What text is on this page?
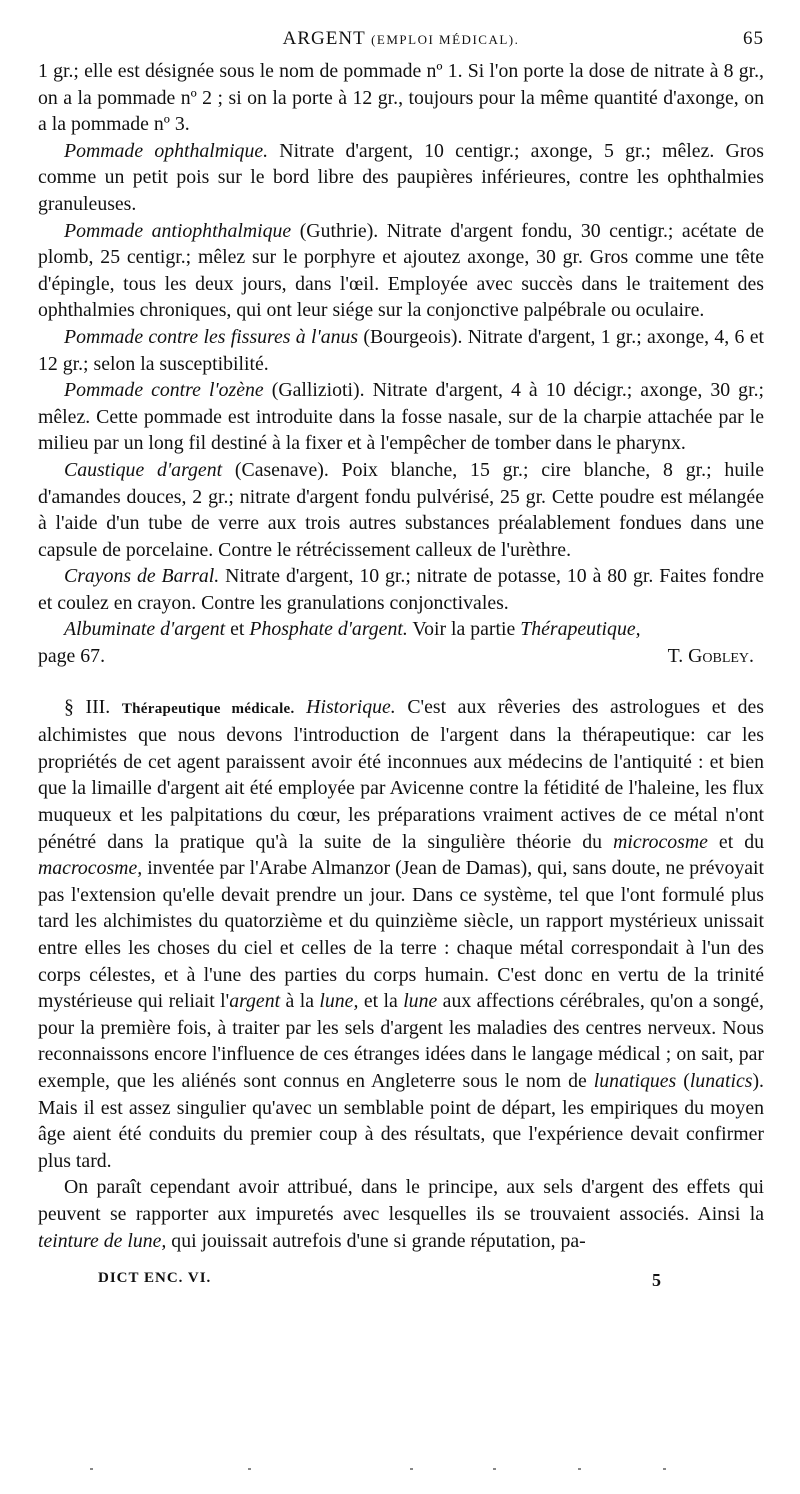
ARGENT (EMPLOI MÉDICAL).	65

1 gr.; elle est désignée sous le nom de pommade nº 1. Si l'on porte la dose de nitrate à 8 gr., on a la pommade nº 2 ; si on la porte à 12 gr., toujours pour la même quantité d'axonge, on a la pommade nº 3.

Pommade ophthalmique. Nitrate d'argent, 10 centigr.; axonge, 5 gr.; mêlez. Gros comme un petit pois sur le bord libre des paupières inférieures, contre les ophthalmies granuleuses.

Pommade antiophthalmique (Guthrie). Nitrate d'argent fondu, 30 centigr.; acétate de plomb, 25 centigr.; mêlez sur le porphyre et ajoutez axonge, 30 gr. Gros comme une tête d'épingle, tous les deux jours, dans l'œil. Employée avec succès dans le traitement des ophthalmies chroniques, qui ont leur siége sur la conjonctive palpébrale ou oculaire.

Pommade contre les fissures à l'anus (Bourgeois). Nitrate d'argent, 1 gr.; axonge, 4, 6 et 12 gr.; selon la susceptibilité.

Pommade contre l'ozène (Gallizioti). Nitrate d'argent, 4 à 10 décigr.; axonge, 30 gr.; mêlez. Cette pommade est introduite dans la fosse nasale, sur de la charpie attachée par le milieu par un long fil destiné à la fixer et à l'empêcher de tomber dans le pharynx.

Caustique d'argent (Casenave). Poix blanche, 15 gr.; cire blanche, 8 gr.; huile d'amandes douces, 2 gr.; nitrate d'argent fondu pulvérisé, 25 gr. Cette poudre est mélangée à l'aide d'un tube de verre aux trois autres substances préalablement fondues dans une capsule de porcelaine. Contre le rétrécissement calleux de l'urèthre.

Crayons de Barral. Nitrate d'argent, 10 gr.; nitrate de potasse, 10 à 80 gr. Faites fondre et coulez en crayon. Contre les granulations conjonctivales.

Albuminate d'argent et Phosphate d'argent. Voir la partie Thérapeutique,

page 67.	T. Gobley.

§ III. Thérapeutique médicale. Historique. C'est aux rêveries des astrologues et des alchimistes que nous devons l'introduction de l'argent dans la thérapeutique: car les propriétés de cet agent paraissent avoir été inconnues aux médecins de l'antiquité : et bien que la limaille d'argent ait été employée par Avicenne contre la fétidité de l'haleine, les flux muqueux et les palpitations du cœur, les préparations vraiment actives de ce métal n'ont pénétré dans la pratique qu'à la suite de la singulière théorie du microcosme et du macrocosme, inventée par l'Arabe Almanzor (Jean de Damas), qui, sans doute, ne prévoyait pas l'extension qu'elle devait prendre un jour. Dans ce système, tel que l'ont formulé plus tard les alchimistes du quatorzième et du quinzième siècle, un rapport mystérieux unissait entre elles les choses du ciel et celles de la terre : chaque métal correspondait à l'un des corps célestes, et à l'une des parties du corps humain. C'est donc en vertu de la trinité mystérieuse qui reliait l'argent à la lune, et la lune aux affections cérébrales, qu'on a songé, pour la première fois, à traiter par les sels d'argent les maladies des centres nerveux. Nous reconnaissons encore l'influence de ces étranges idées dans le langage médical ; on sait, par exemple, que les aliénés sont connus en Angleterre sous le nom de lunatiques (lunatics). Mais il est assez singulier qu'avec un semblable point de départ, les empiriques du moyen âge aient été conduits du premier coup à des résultats, que l'expérience devait confirmer plus tard.

On paraît cependant avoir attribué, dans le principe, aux sels d'argent des effets qui peuvent se rapporter aux impuretés avec lesquelles ils se trouvaient associés. Ainsi la teinture de lune, qui jouissait autrefois d'une si grande réputation, pa-

DICT ENC. VI.	5
